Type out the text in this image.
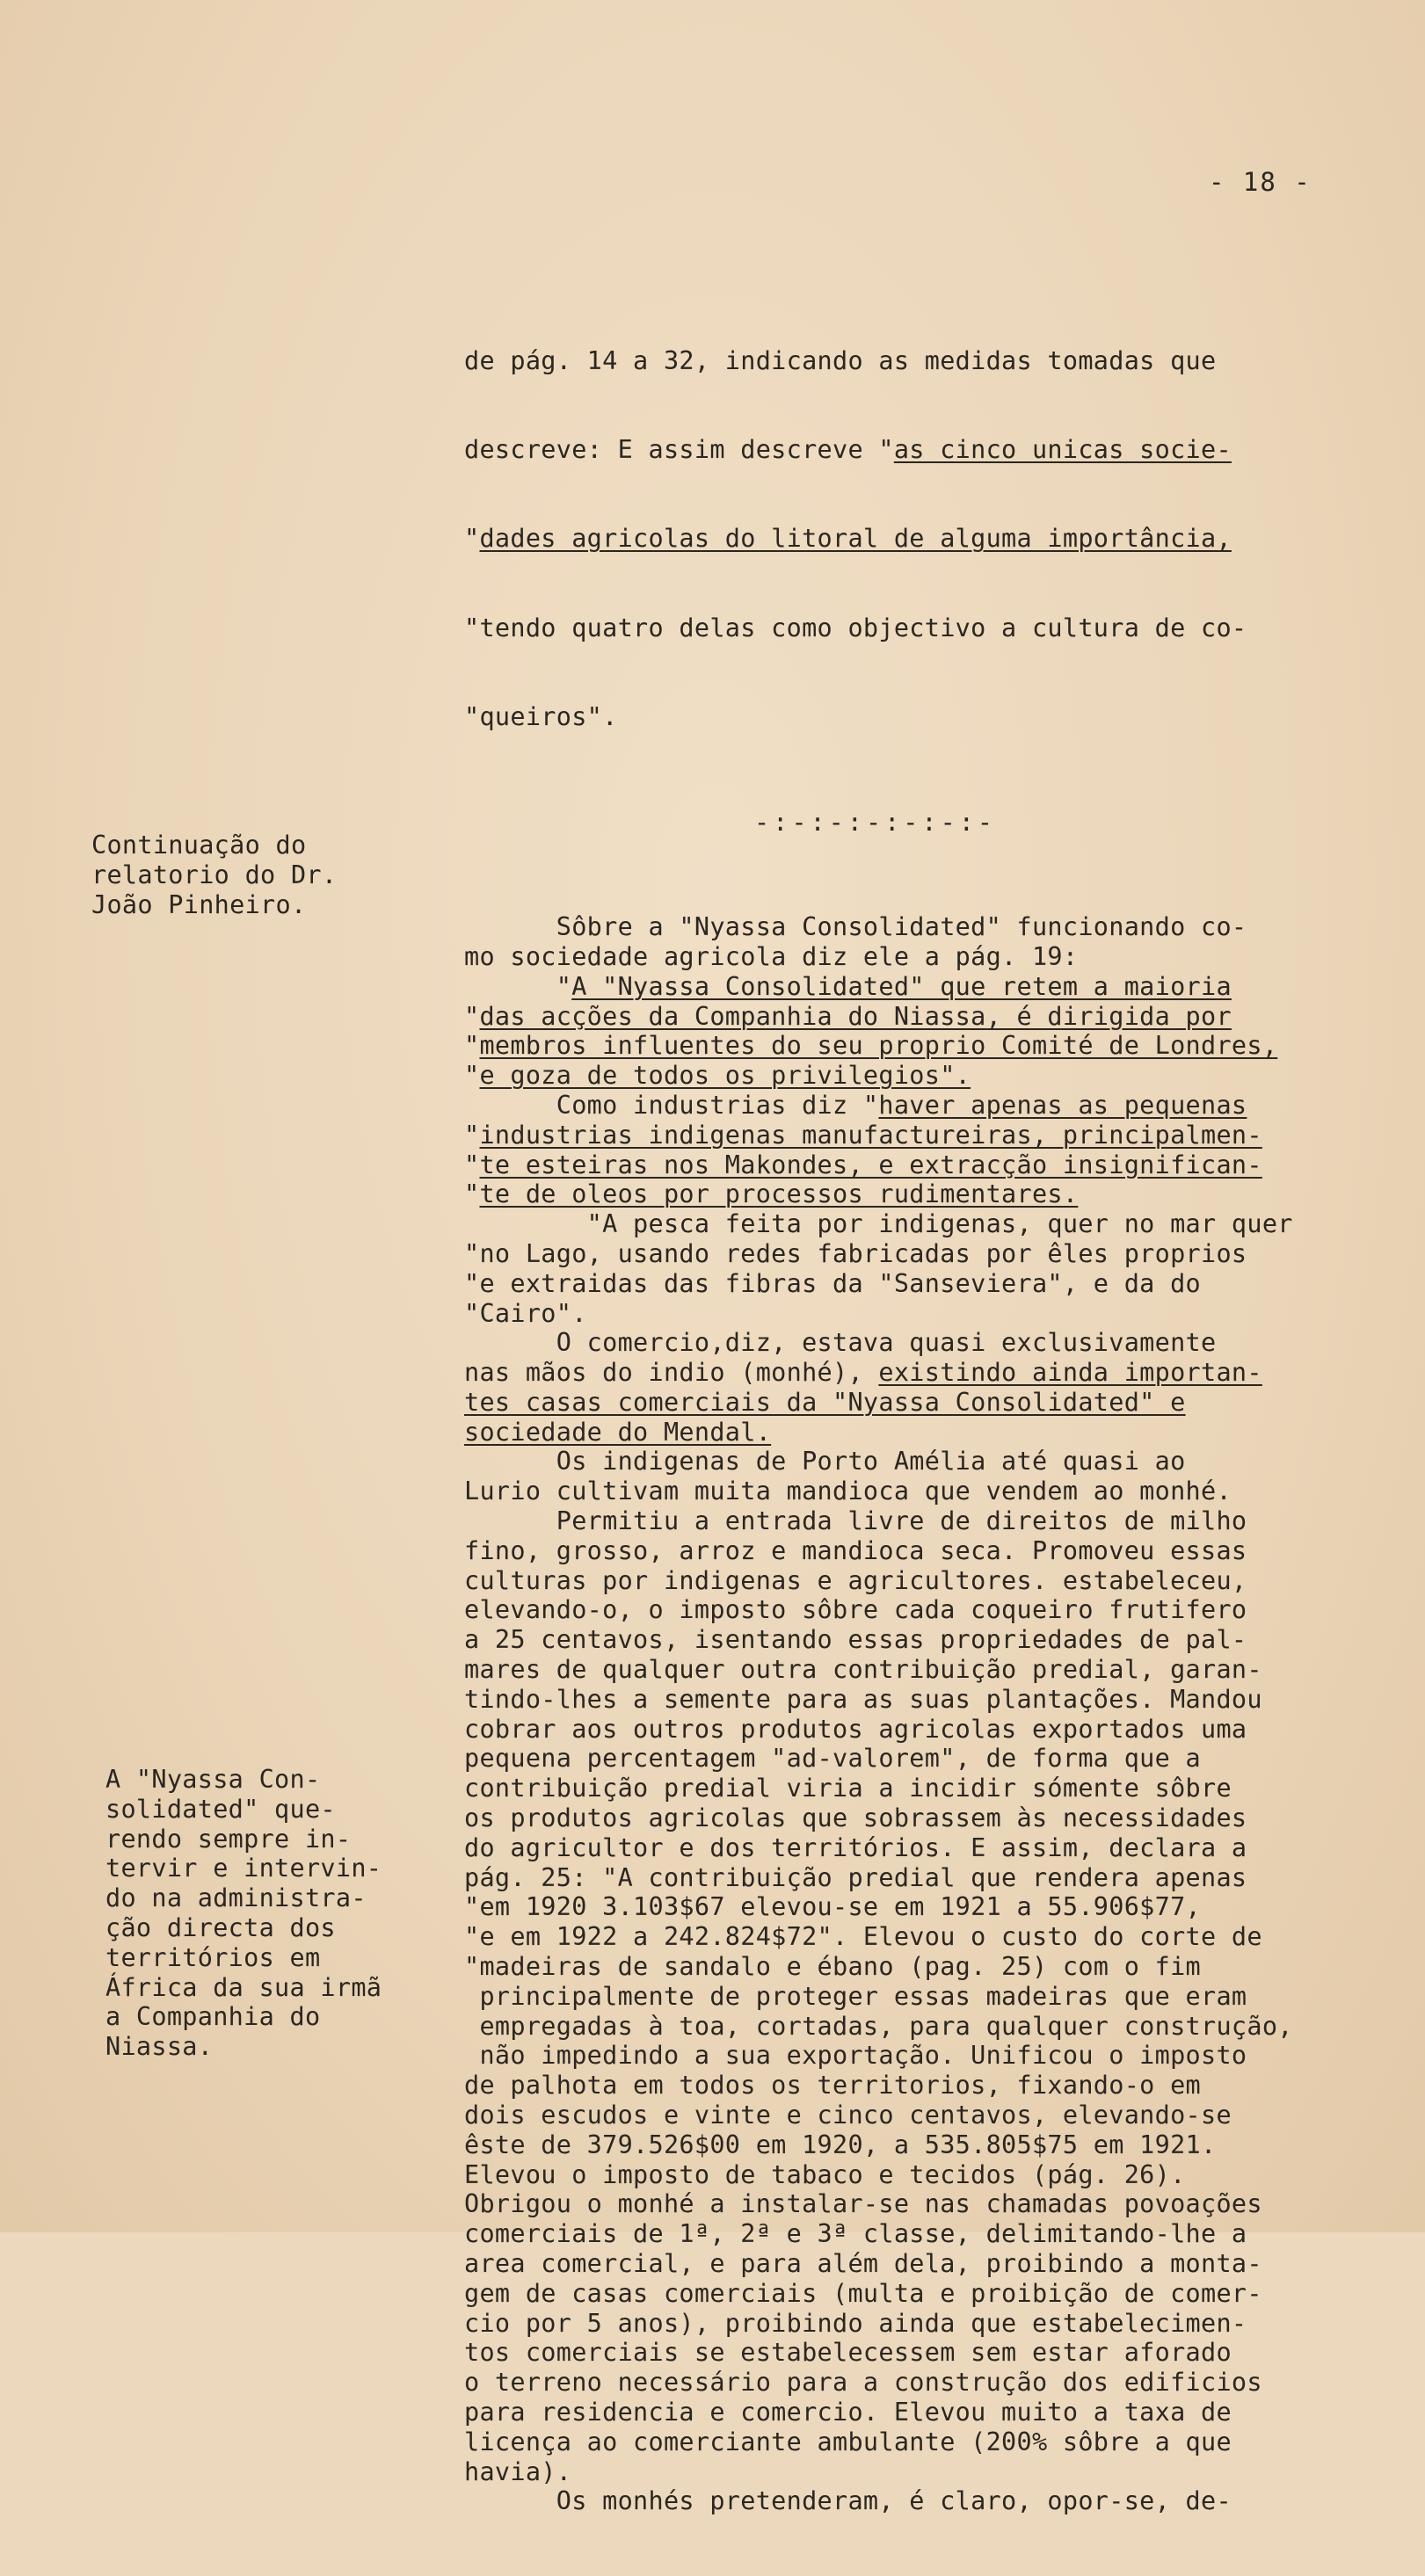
- 18 -

de pág. 14 a 32, indicando as medidas tomadas que

descreve: E assim descreve "as cinco unicas socie-

"dades agricolas do litoral de alguma importância,

"tendo quatro delas como objectivo a cultura de co-

"queiros".

-:-:-:-:-:-:-

Sôbre a "Nyassa Consolidated" funcionando co-
mo sociedade agricola diz ele a pág. 19:
"A "Nyassa Consolidated" que retem a maioria
"das acções da Companhia do Niassa, é dirigida por
"membros influentes do seu proprio Comité de Londres,
"e goza de todos os privilegios".
Como industrias diz "haver apenas as pequenas
"industrias indigenas manufactureiras, principalmen-
"te esteiras nos Makondes, e extracção insignifican-
"te de oleos por processos rudimentares.
"A pesca feita por indigenas, quer no mar quer
"no Lago, usando redes fabricadas por êles proprios
"e extraidas das fibras da "Sanseviera", e da do
"Cairo".
O comercio,diz, estava quasi exclusivamente
nas mãos do indio (monhé), existindo ainda importan-
tes casas comerciais da "Nyassa Consolidated" e
sociedade do Mendal.
Os indigenas de Porto Amélia até quasi ao
Lurio cultivam muita mandioca que vendem ao monhé.
Permitiu a entrada livre de direitos de milho
fino, grosso, arroz e mandioca seca. Promoveu essas
culturas por indigenas e agricultores. estabeleceu,
elevando-o, o imposto sôbre cada coqueiro frutifero
a 25 centavos, isentando essas propriedades de pal-
mares de qualquer outra contribuição predial, garan-
tindo-lhes a semente para as suas plantações. Mandou
cobrar aos outros produtos agricolas exportados uma
pequena percentagem "ad-valorem", de forma que a
contribuição predial viria a incidir sómente sôbre
os produtos agricolas que sobrassem às necessidades
do agricultor e dos territórios. E assim, declara a
pág. 25: "A contribuição predial que rendera apenas
"em 1920 3.103$67 elevou-se em 1921 a 55.906$77,
"e em 1922 a 242.824$72". Elevou o custo do corte de
"madeiras de sandalo e ébano (pag. 25) com o fim
principalmente de proteger essas madeiras que eram
empregadas à toa, cortadas, para qualquer construção,
não impedindo a sua exportação. Unificou o imposto
de palhota em todos os territorios, fixando-o em
dois escudos e vinte e cinco centavos, elevando-se
êste de 379.526$00 em 1920, a 535.805$75 em 1921.
Elevou o imposto de tabaco e tecidos (pág. 26).
Obrigou o monhé a instalar-se nas chamadas povoações
comerciais de 1ª, 2ª e 3ª classe, delimitando-lhe a
area comercial, e para além dela, proibindo a monta-
gem de casas comerciais (multa e proibição de comer-
cio por 5 anos), proibindo ainda que estabelecimen-
tos comerciais se estabelecessem sem estar aforado
o terreno necessário para a construção dos edificios
para residencia e comercio. Elevou muito a taxa de
licença ao comerciante ambulante (200% sôbre a que
havia).
Os monhés pretenderam, é claro, opor-se, de-

Continuação do
relatorio do Dr.
João Pinheiro.
A "Nyassa Con-
solidated" que-
rendo sempre in-
tervir e intervin-
do na administra-
ção directa dos
territórios em
África da sua irmã
a Companhia do
Niassa.
